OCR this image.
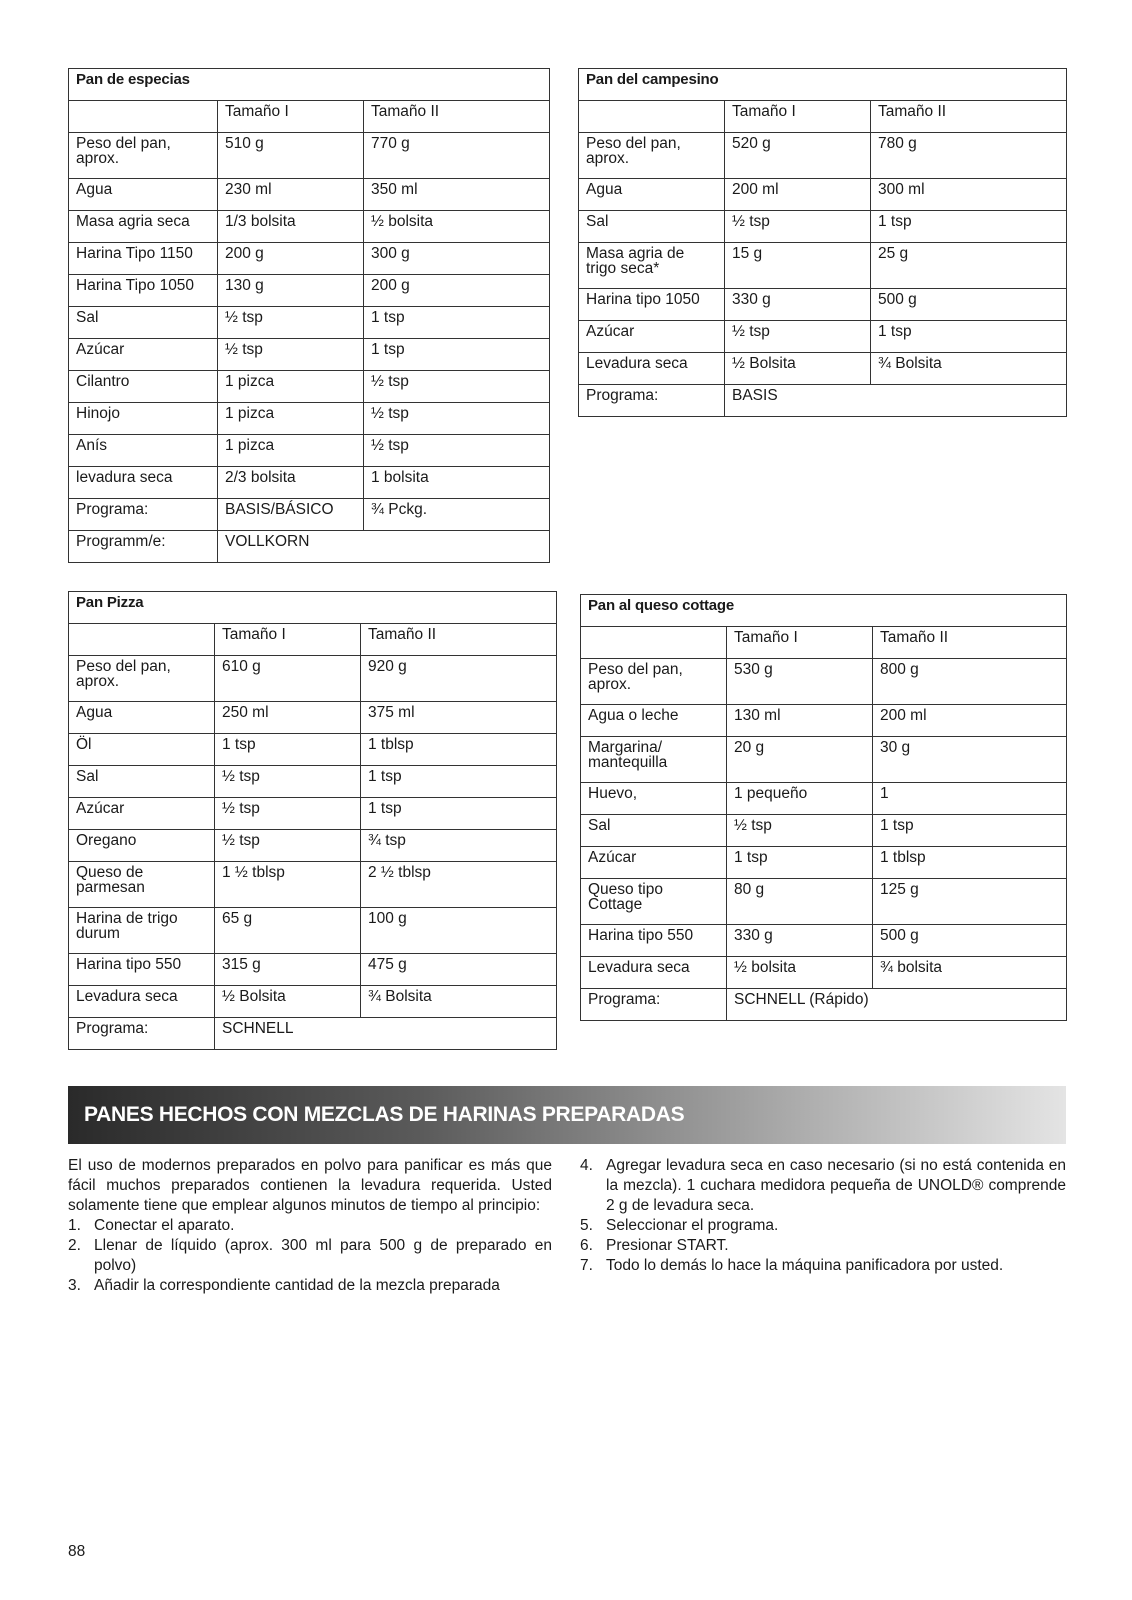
Pan de especias		
	Tamaño I	Tamaño II
Peso del pan, aprox.	510 g	770 g
Agua	230 ml	350 ml
Masa agria seca	1/3 bolsita	½ bolsita
Harina Tipo 1150	200 g	300 g
Harina Tipo 1050	130 g	200 g
Sal	½ tsp	1 tsp
Azúcar	½ tsp	1 tsp
Cilantro	1 pizca	½ tsp
Hinojo	1 pizca	½ tsp
Anís	1 pizca	½ tsp
levadura seca	2/3 bolsita	1 bolsita
Programa:	BASIS/BÁSICO	¾ Pckg.
Programm/e:	VOLLKORN	
Pan del campesino		
	Tamaño I	Tamaño II
Peso del pan, aprox.	520 g	780 g
Agua	200 ml	300 ml
Sal	½ tsp	1 tsp
Masa agria de trigo seca*	15 g	25 g
Harina tipo 1050	330 g	500 g
Azúcar	½ tsp	1 tsp
Levadura seca	½ Bolsita	¾ Bolsita
Programa:	BASIS	
Pan Pizza		
	Tamaño I	Tamaño II
Peso del pan, aprox.	610 g	920 g
Agua	250 ml	375 ml
Öl	1 tsp	1 tblsp
Sal	½ tsp	1 tsp
Azúcar	½ tsp	1 tsp
Oregano	½ tsp	¾ tsp
Queso de parmesan	1 ½ tblsp	2 ½ tblsp
Harina de trigo durum	65 g	100 g
Harina tipo 550	315 g	475 g
Levadura seca	½ Bolsita	¾ Bolsita
Programa:	SCHNELL	
Pan al queso cottage		
	Tamaño I	Tamaño II
Peso del pan, aprox.	530 g	800 g
Agua o leche	130 ml	200 ml
Margarina/ mantequilla	20 g	30 g
Huevo,	1 pequeño	1
Sal	½ tsp	1 tsp
Azúcar	1 tsp	1 tblsp
Queso tipo Cottage	80 g	125 g
Harina tipo 550	330 g	500 g
Levadura seca	½ bolsita	¾ bolsita
Programa:	SCHNELL (Rápido)	
PANES HECHOS CON MEZCLAS DE HARINAS PREPARADAS

El uso de modernos preparados en polvo para panificar es más que fácil muchos preparados contienen la levadura requerida. Usted solamente tiene que emplear algunos minutos de tiempo al principio:

1. Conectar el aparato.
2. Llenar de líquido (aprox. 300 ml para 500 g de preparado en polvo)
3. Añadir la correspondiente cantidad de la mezcla preparada
4. Agregar levadura seca en caso necesario (si no está contenida en la mezcla). 1 cuchara medidora pequeña de UNOLD® comprende 2 g de levadura seca.
5. Seleccionar el programa.
6. Presionar START.
7. Todo lo demás lo hace la máquina panificadora por usted.
88
